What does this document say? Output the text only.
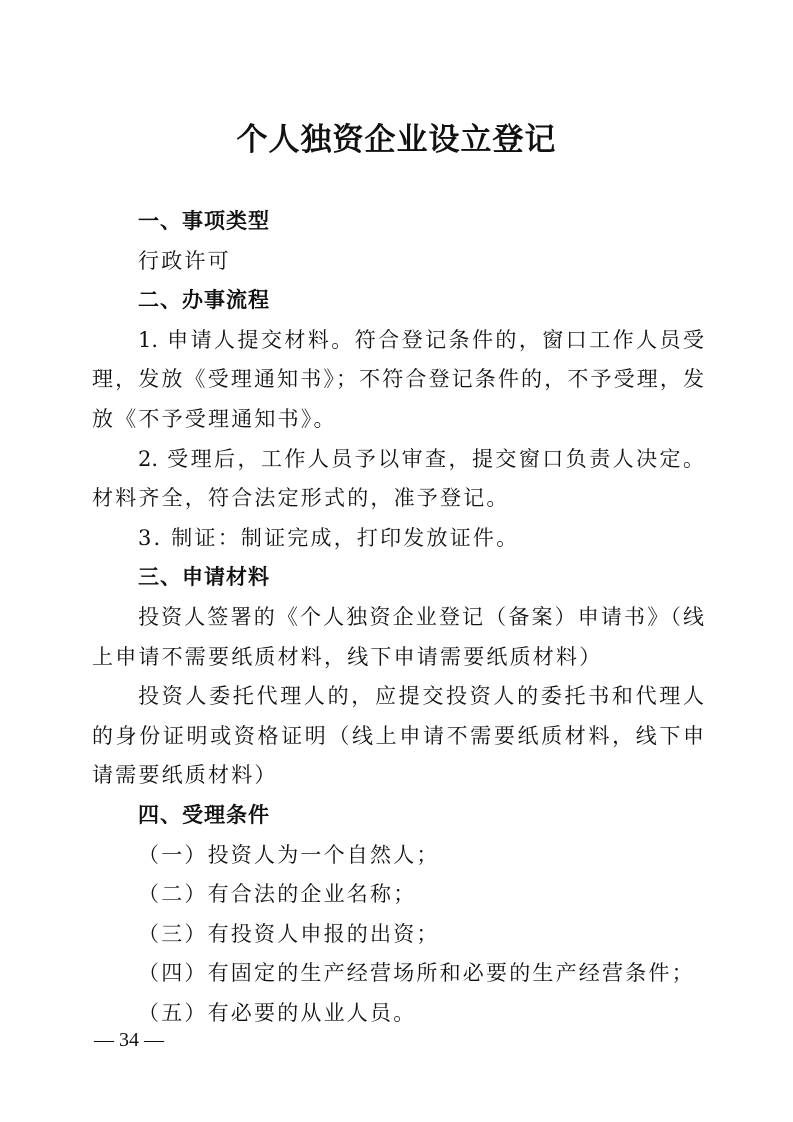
个人独资企业设立登记
一、事项类型
行政许可
二、办事流程
1. 申请人提交材料。符合登记条件的，窗口工作人员受
理，发放《受理通知书》；不符合登记条件的，不予受理，发
放《不予受理通知书》。
2. 受理后，工作人员予以审查，提交窗口负责人决定。
材料齐全，符合法定形式的，准予登记。
3. 制证：制证完成，打印发放证件。
三、申请材料
投资人签署的《个人独资企业登记（备案）申请书》（线
上申请不需要纸质材料，线下申请需要纸质材料）
投资人委托代理人的，应提交投资人的委托书和代理人
的身份证明或资格证明（线上申请不需要纸质材料，线下申
请需要纸质材料）
四、受理条件
（一）投资人为一个自然人；
（二）有合法的企业名称；
（三）有投资人申报的出资；
（四）有固定的生产经营场所和必要的生产经营条件；
（五）有必要的从业人员。
— 34 —
